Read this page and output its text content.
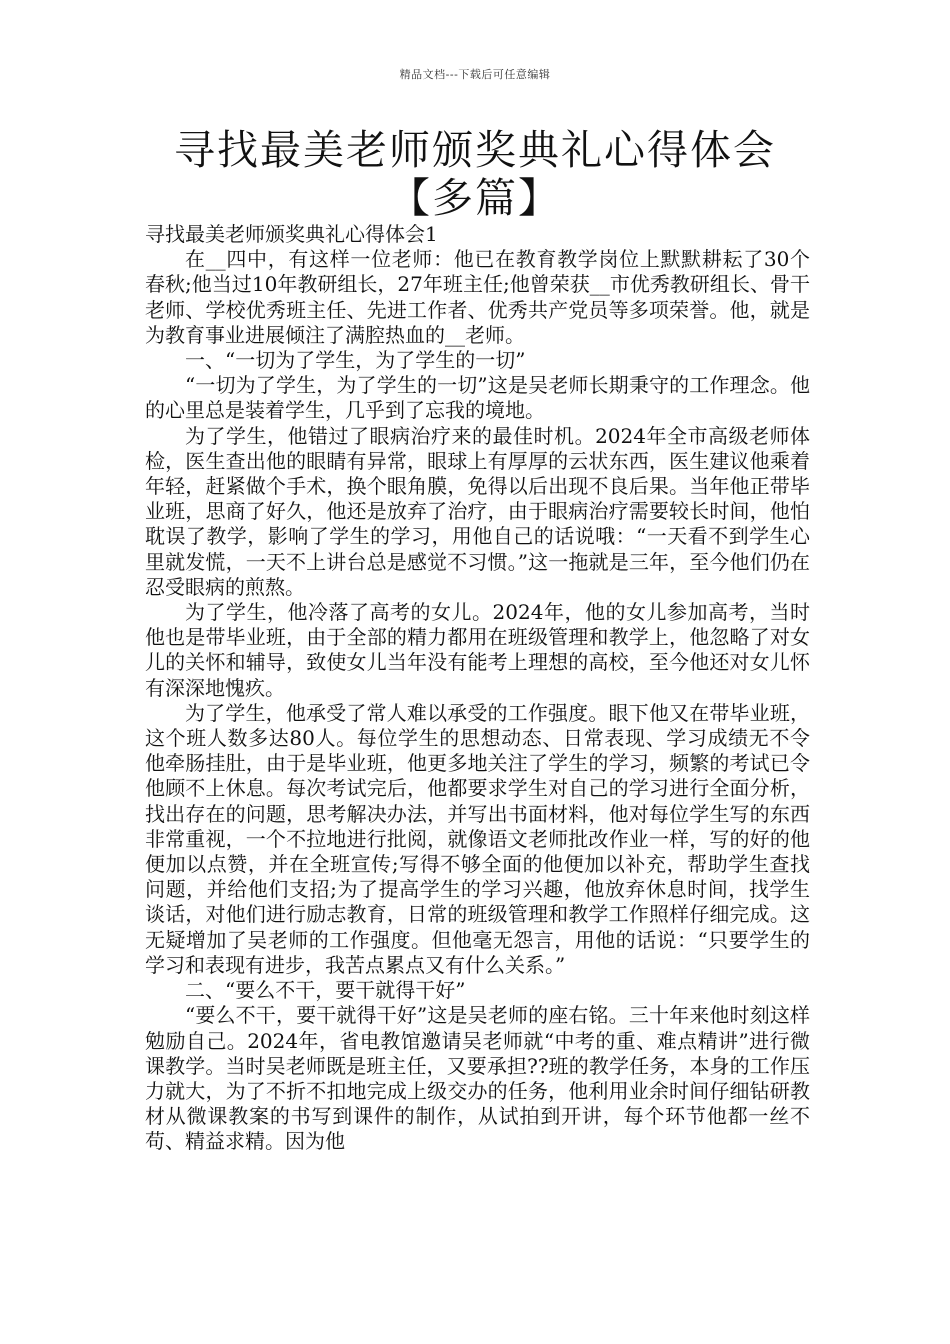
精品文档---下载后可任意编辑
寻找最美老师颁奖典礼心得体会【多篇】

寻找最美老师颁奖典礼心得体会1

在__四中，有这样一位老师：他已在教育教学岗位上默默耕耘了30个春秋;他当过10年教研组长，27年班主任;他曾荣获__市优秀教研组长、骨干老师、学校优秀班主任、先进工作者、优秀共产党员等多项荣誉。他，就是为教育事业进展倾注了满腔热血的__老师。

一、“一切为了学生，为了学生的一切”

“一切为了学生，为了学生的一切”这是吴老师长期秉守的工作理念。他的心里总是装着学生，几乎到了忘我的境地。

为了学生，他错过了眼病治疗来的最佳时机。2024年全市高级老师体检，医生查出他的眼睛有异常，眼球上有厚厚的云状东西，医生建议他乘着年轻，赶紧做个手术，换个眼角膜，免得以后出现不良后果。当年他正带毕业班，思商了好久，他还是放弃了治疗，由于眼病治疗需要较长时间，他怕耽误了教学，影响了学生的学习，用他自己的话说哦：“一天看不到学生心里就发慌，一天不上讲台总是感觉不习惯。”这一拖就是三年，至今他们仍在忍受眼病的煎熬。

为了学生，他冷落了高考的女儿。2024年，他的女儿参加高考，当时他也是带毕业班，由于全部的精力都用在班级管理和教学上，他忽略了对女儿的关怀和辅导，致使女儿当年没有能考上理想的高校，至今他还对女儿怀有深深地愧疚。

为了学生，他承受了常人难以承受的工作强度。眼下他又在带毕业班，这个班人数多达80人。每位学生的思想动态、日常表现、学习成绩无不令他牵肠挂肚，由于是毕业班，他更多地关注了学生的学习，频繁的考试已令他顾不上休息。每次考试完后，他都要求学生对自己的学习进行全面分析，找出存在的问题，思考解决办法，并写出书面材料，他对每位学生写的东西非常重视，一个不拉地进行批阅，就像语文老师批改作业一样，写的好的他便加以点赞，并在全班宣传;写得不够全面的他便加以补充，帮助学生查找问题，并给他们支招;为了提高学生的学习兴趣，他放弃休息时间，找学生谈话，对他们进行励志教育，日常的班级管理和教学工作照样仔细完成。这无疑增加了吴老师的工作强度。但他毫无怨言，用他的话说：“只要学生的学习和表现有进步，我苦点累点又有什么关系。”

二、“要么不干，要干就得干好”

“要么不干，要干就得干好”这是吴老师的座右铭。三十年来他时刻这样勉励自己。2024年，省电教馆邀请吴老师就“中考的重、难点精讲”进行微课教学。当时吴老师既是班主任，又要承担??班的教学任务，本身的工作压力就大，为了不折不扣地完成上级交办的任务，他利用业余时间仔细钻研教材从微课教案的书写到课件的制作，从试拍到开讲，每个环节他都一丝不苟、精益求精。因为他
